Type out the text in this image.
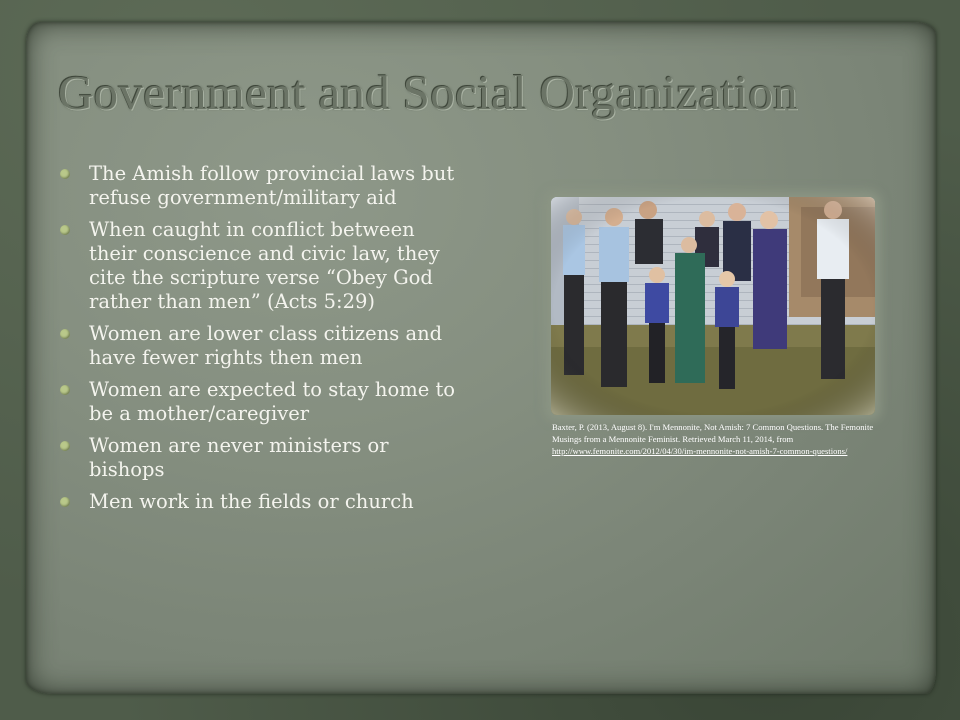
Government and Social Organization
The Amish follow provincial laws but refuse government/military aid
When caught in conflict between their conscience and civic law, they cite the scripture verse “Obey God rather than men” (Acts 5:29)
Women are lower class citizens and have fewer rights then men
Women are expected to stay home to be a mother/caregiver
Women are never ministers or bishops
Men work in the fields or church
Baxter, P. (2013, August 8). I'm Mennonite, Not Amish: 7 Common Questions. The Femonite Musings from a Mennonite Feminist. Retrieved March 11, 2014, from http://www.femonite.com/2012/04/30/im-mennonite-not-amish-7-common-questions/
